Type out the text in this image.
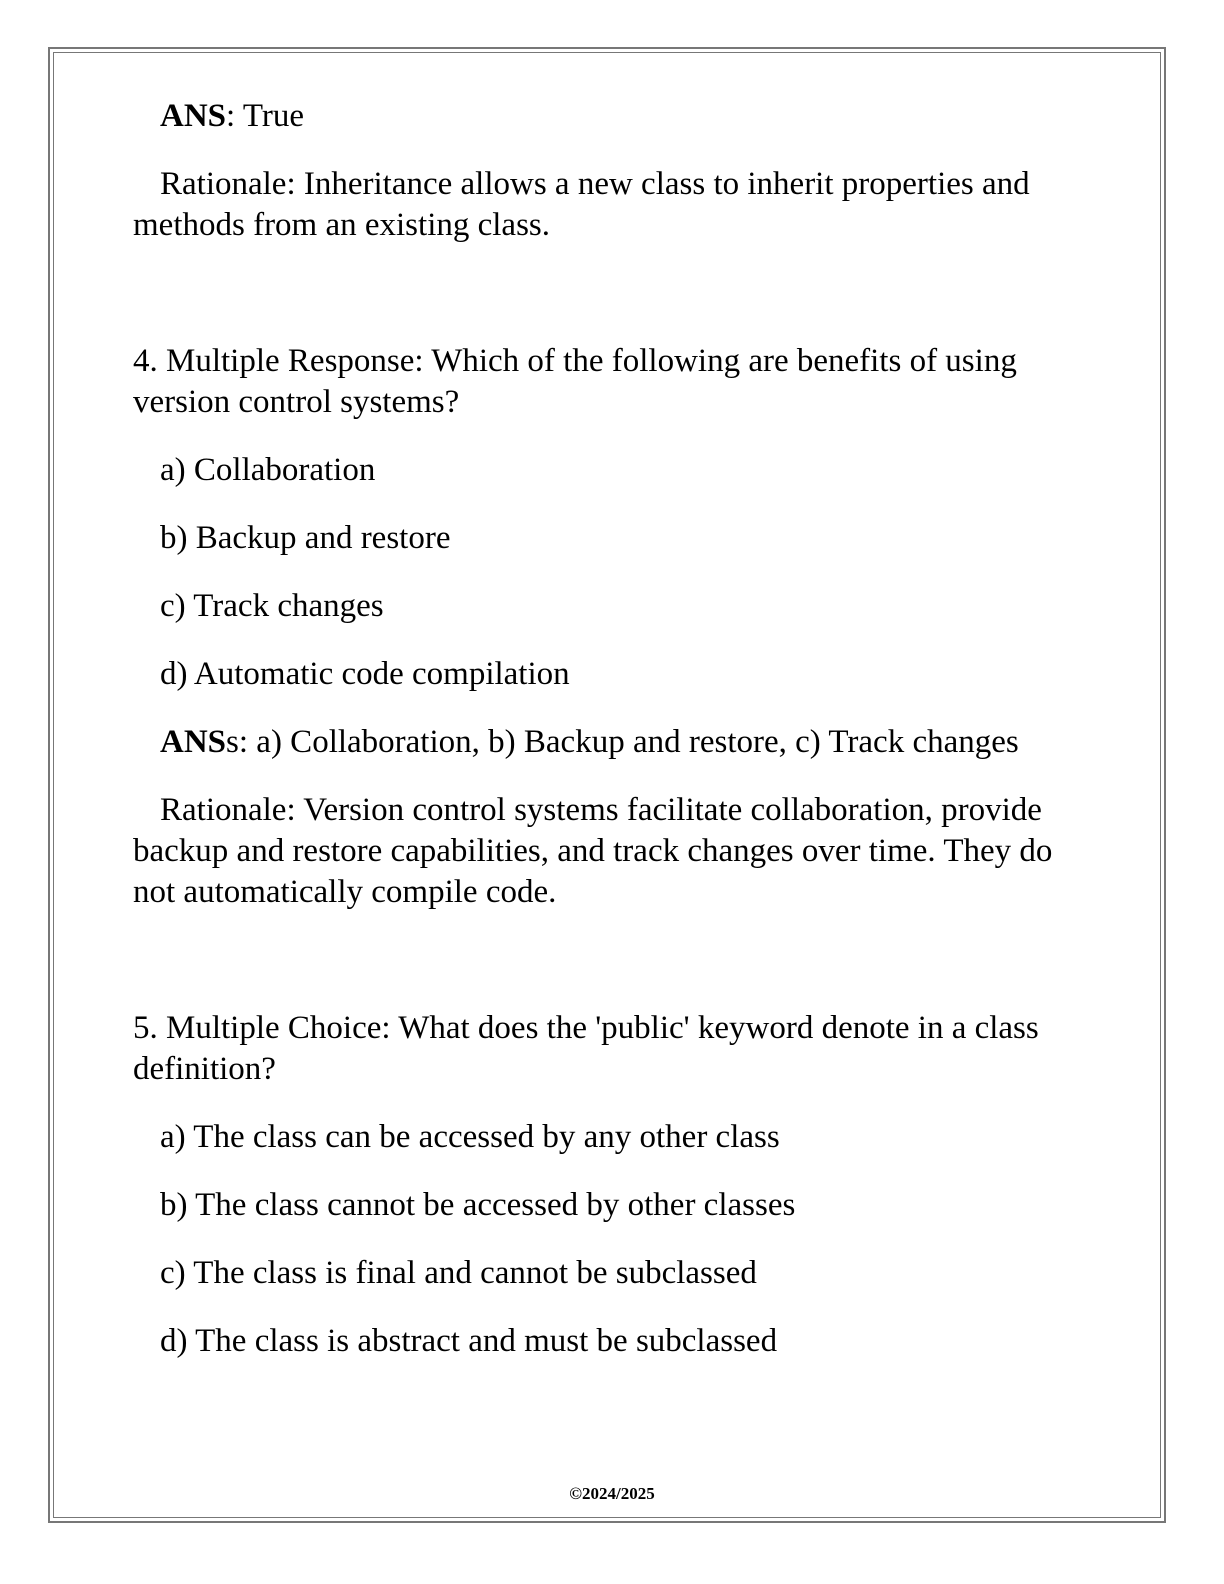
ANS: True
Rationale: Inheritance allows a new class to inherit properties and methods from an existing class.
4. Multiple Response: Which of the following are benefits of using version control systems?
a) Collaboration
b) Backup and restore
c) Track changes
d) Automatic code compilation
ANSs: a) Collaboration, b) Backup and restore, c) Track changes
Rationale: Version control systems facilitate collaboration, provide backup and restore capabilities, and track changes over time. They do not automatically compile code.
5. Multiple Choice: What does the 'public' keyword denote in a class definition?
a) The class can be accessed by any other class
b) The class cannot be accessed by other classes
c) The class is final and cannot be subclassed
d) The class is abstract and must be subclassed
©2024/2025
